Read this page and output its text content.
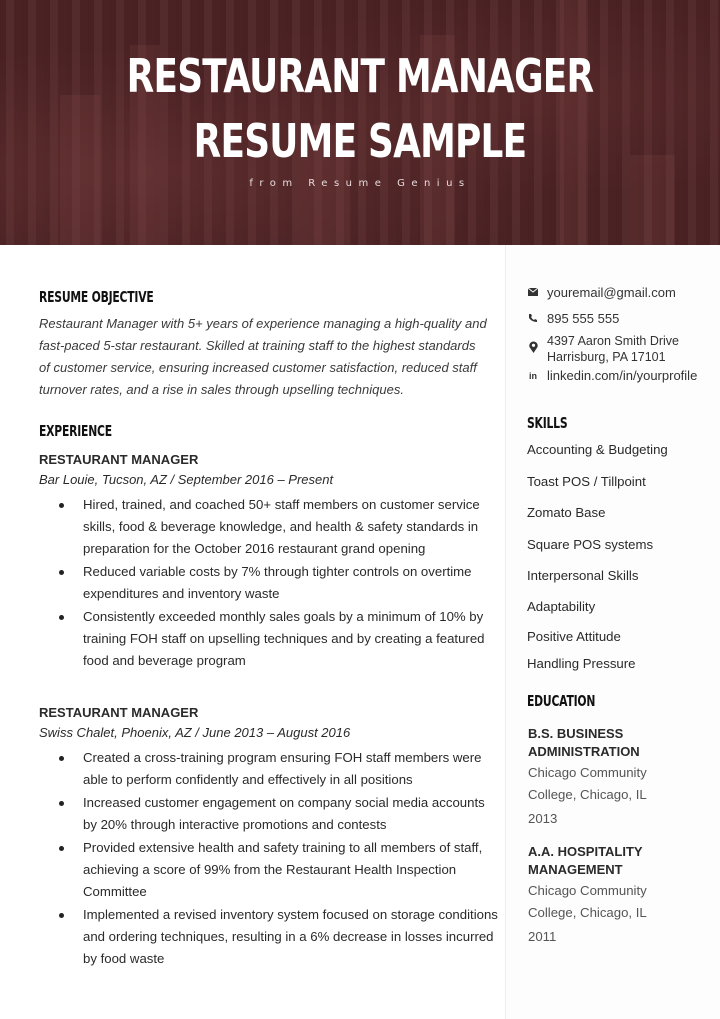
RESTAURANT MANAGER
RESUME SAMPLE
from Resume Genius
RESUME OBJECTIVE
Restaurant Manager with 5+ years of experience managing a high-quality and fast-paced 5-star restaurant. Skilled at training staff to the highest standards of customer service, ensuring increased customer satisfaction, reduced staff turnover rates, and a rise in sales through upselling techniques.
EXPERIENCE
RESTAURANT MANAGER
Bar Louie, Tucson, AZ / September 2016 – Present
Hired, trained, and coached 50+ staff members on customer service skills, food & beverage knowledge, and health & safety standards in preparation for the October 2016 restaurant grand opening
Reduced variable costs by 7% through tighter controls on overtime expenditures and inventory waste
Consistently exceeded monthly sales goals by a minimum of 10% by training FOH staff on upselling techniques and by creating a featured food and beverage program
RESTAURANT MANAGER
Swiss Chalet, Phoenix, AZ / June 2013 – August 2016
Created a cross-training program ensuring FOH staff members were able to perform confidently and effectively in all positions
Increased customer engagement on company social media accounts by 20% through interactive promotions and contests
Provided extensive health and safety training to all members of staff, achieving a score of 99% from the Restaurant Health Inspection Committee
Implemented a revised inventory system focused on storage conditions and ordering techniques, resulting in a 6% decrease in losses incurred by food waste
youremail@gmail.com
895 555 555
4397 Aaron Smith Drive
Harrisburg, PA 17101
in linkedin.com/in/yourprofile
SKILLS
Accounting & Budgeting
Toast POS / Tillpoint
Zomato Base
Square POS systems
Interpersonal Skills
Adaptability
Positive Attitude
Handling Pressure
EDUCATION
B.S. BUSINESS
ADMINISTRATION
Chicago Community
College, Chicago, IL
2013
A.A. HOSPITALITY
MANAGEMENT
Chicago Community
College, Chicago, IL
2011
